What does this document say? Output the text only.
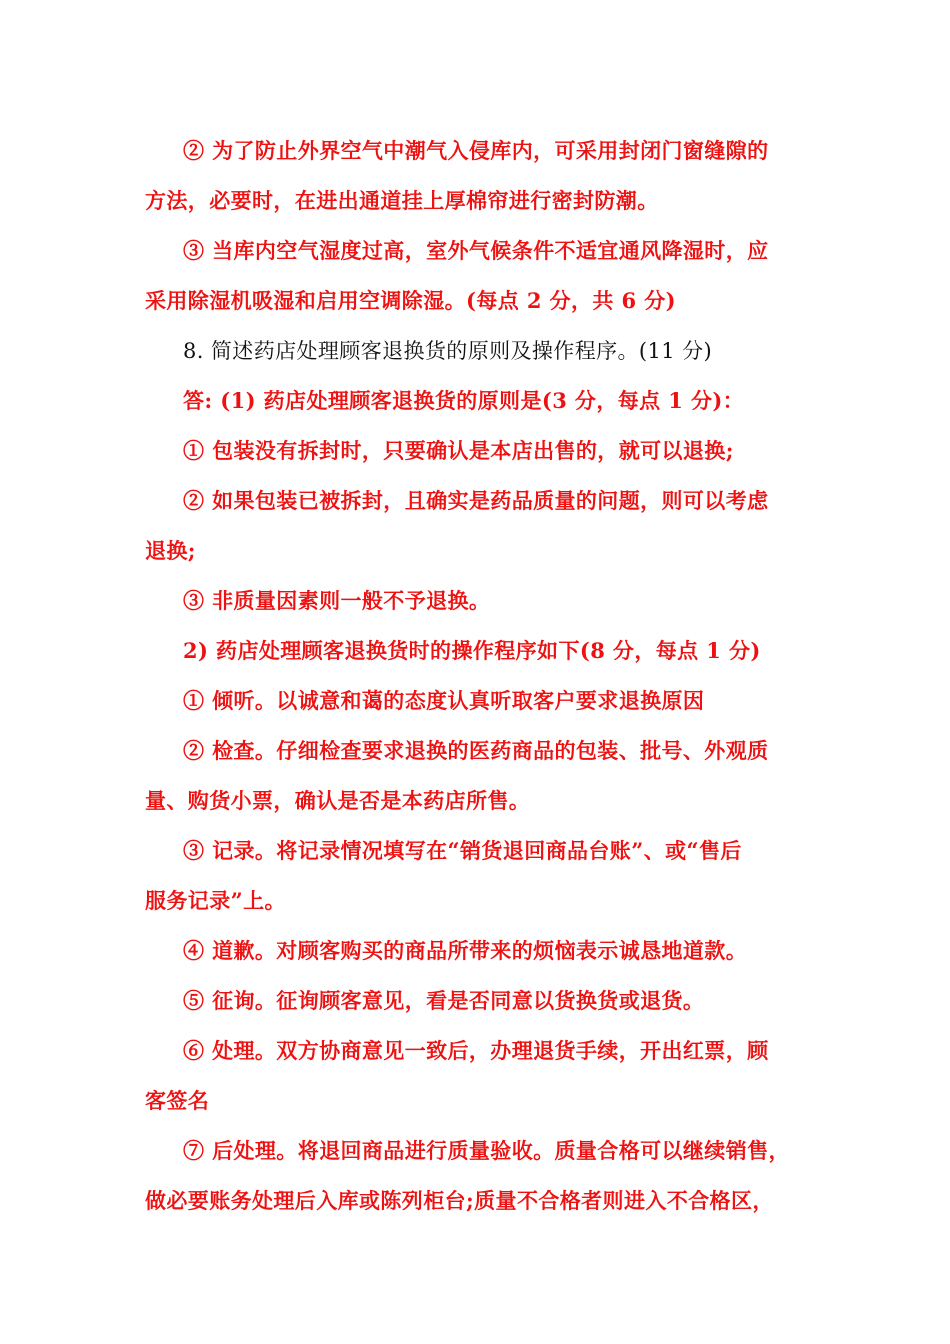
② 为了防止外界空气中潮气入侵库内，可采用封闭门窗缝隙的
方法，必要时，在进出通道挂上厚棉帘进行密封防潮。
③ 当库内空气湿度过高，室外气候条件不适宜通风降湿时，应
采用除湿机吸湿和启用空调除湿。(每点 2 分，共 6 分)
8. 简述药店处理顾客退换货的原则及操作程序。(11 分)
答: (1) 药店处理顾客退换货的原则是(3 分，每点 1 分)：
① 包装没有拆封时，只要确认是本店出售的，就可以退换;
② 如果包装已被拆封，且确实是药品质量的问题，则可以考虑
退换;
③ 非质量因素则一般不予退换。
2) 药店处理顾客退换货时的操作程序如下(8 分，每点 1 分)
① 倾听。以诚意和蔼的态度认真听取客户要求退换原因
② 检查。仔细检查要求退换的医药商品的包装、批号、外观质
量、购货小票，确认是否是本药店所售。
③ 记录。将记录情况填写在“销货退回商品台账”、或“售后
服务记录”上。
④ 道歉。对顾客购买的商品所带来的烦恼表示诚恳地道款。
⑤ 征询。征询顾客意见，看是否同意以货换货或退货。
⑥ 处理。双方协商意见一致后，办理退货手续，开出红票，顾
客签名
⑦ 后处理。将退回商品进行质量验收。质量合格可以继续销售，
做必要账务处理后入库或陈列柜台;质量不合格者则进入不合格区，
